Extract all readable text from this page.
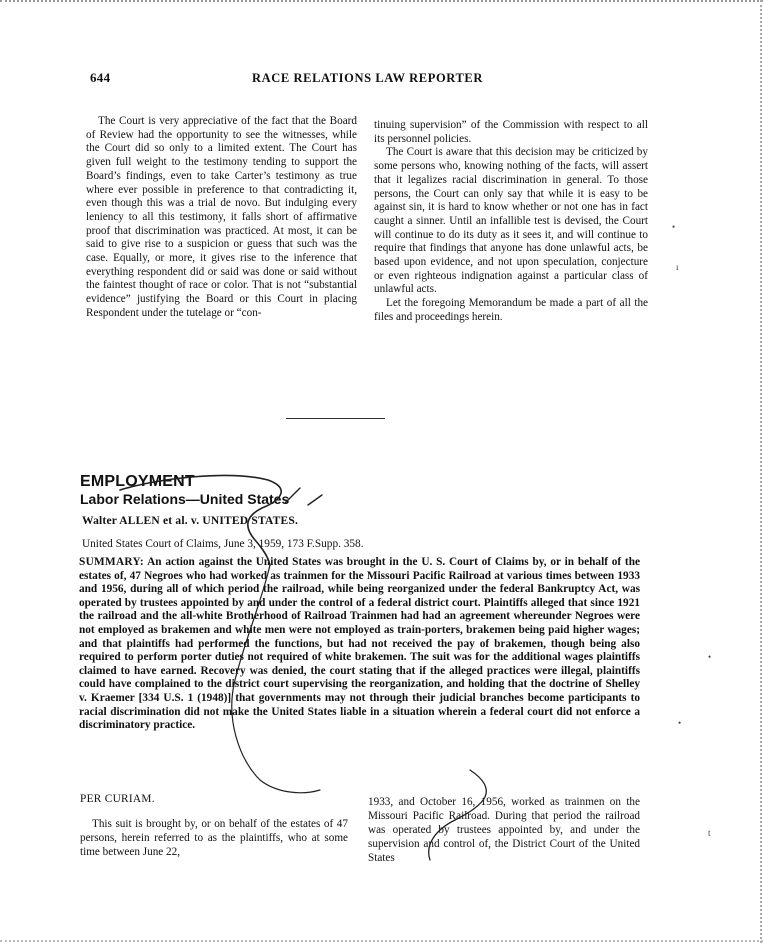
644	RACE RELATIONS LAW REPORTER

The Court is very appreciative of the fact that the Board of Review had the opportunity to see the witnesses, while the Court did so only to a limited extent. The Court has given full weight to the testimony tending to support the Board’s findings, even to take Carter’s testimony as true where ever possible in preference to that contradicting it, even though this was a trial de novo. But indulging every leniency to all this testimony, it falls short of affirmative proof that discrimination was practiced. At most, it can be said to give rise to a suspicion or guess that such was the case. Equally, or more, it gives rise to the inference that everything respondent did or said was done or said without the faintest thought of race or color. That is not “substantial evidence” justifying the Board or this Court in placing Respondent under the tutelage or “con-

tinuing supervision” of the Commission with respect to all its personnel policies.

The Court is aware that this decision may be criticized by some persons who, knowing nothing of the facts, will assert that it legalizes racial discrimination in general. To those persons, the Court can only say that while it is easy to be against sin, it is hard to know whether or not one has in fact caught a sinner. Until an infallible test is devised, the Court will continue to do its duty as it sees it, and will continue to require that findings that anyone has done unlawful acts, be based upon evidence, and not upon speculation, conjecture or even righteous indignation against a particular class of unlawful acts.

Let the foregoing Memorandum be made a part of all the files and proceedings herein.

EMPLOYMENT
Labor Relations—United States
Walter ALLEN et al. v. UNITED STATES.
United States Court of Claims, June 3, 1959, 173 F.Supp. 358.
SUMMARY: An action against the United States was brought in the U. S. Court of Claims by, or in behalf of the estates of, 47 Negroes who had worked as trainmen for the Missouri Pacific Railroad at various times between 1933 and 1956, during all of which period the railroad, while being reorganized under the federal Bankruptcy Act, was operated by trustees appointed by and under the control of a federal district court. Plaintiffs alleged that since 1921 the railroad and the all-white Brotherhood of Railroad Trainmen had had an agreement whereunder Negroes were not employed as brakemen and white men were not employed as train-porters, brakemen being paid higher wages; and that plaintiffs had performed the functions, but had not received the pay of brakemen, though being also required to perform porter duties not required of white brakemen. The suit was for the additional wages plaintiffs claimed to have earned. Recovery was denied, the court stating that if the alleged practices were illegal, plaintiffs could have complained to the district court supervising the reorganization, and holding that the doctrine of Shelley v. Kraemer [334 U.S. 1 (1948)] that governments may not through their judicial branches become participants to racial discrimination did not make the United States liable in a situation wherein a federal court did not enforce a discriminatory practice.
PER CURIAM.

This suit is brought by, or on behalf of the estates of 47 persons, herein referred to as the plaintiffs, who at some time between June 22,

1933, and October 16, 1956, worked as trainmen on the Missouri Pacific Railroad. During that period the railroad was operated by trustees appointed by, and under the supervision and control of, the District Court of the United States

•
ı
•
•
t
